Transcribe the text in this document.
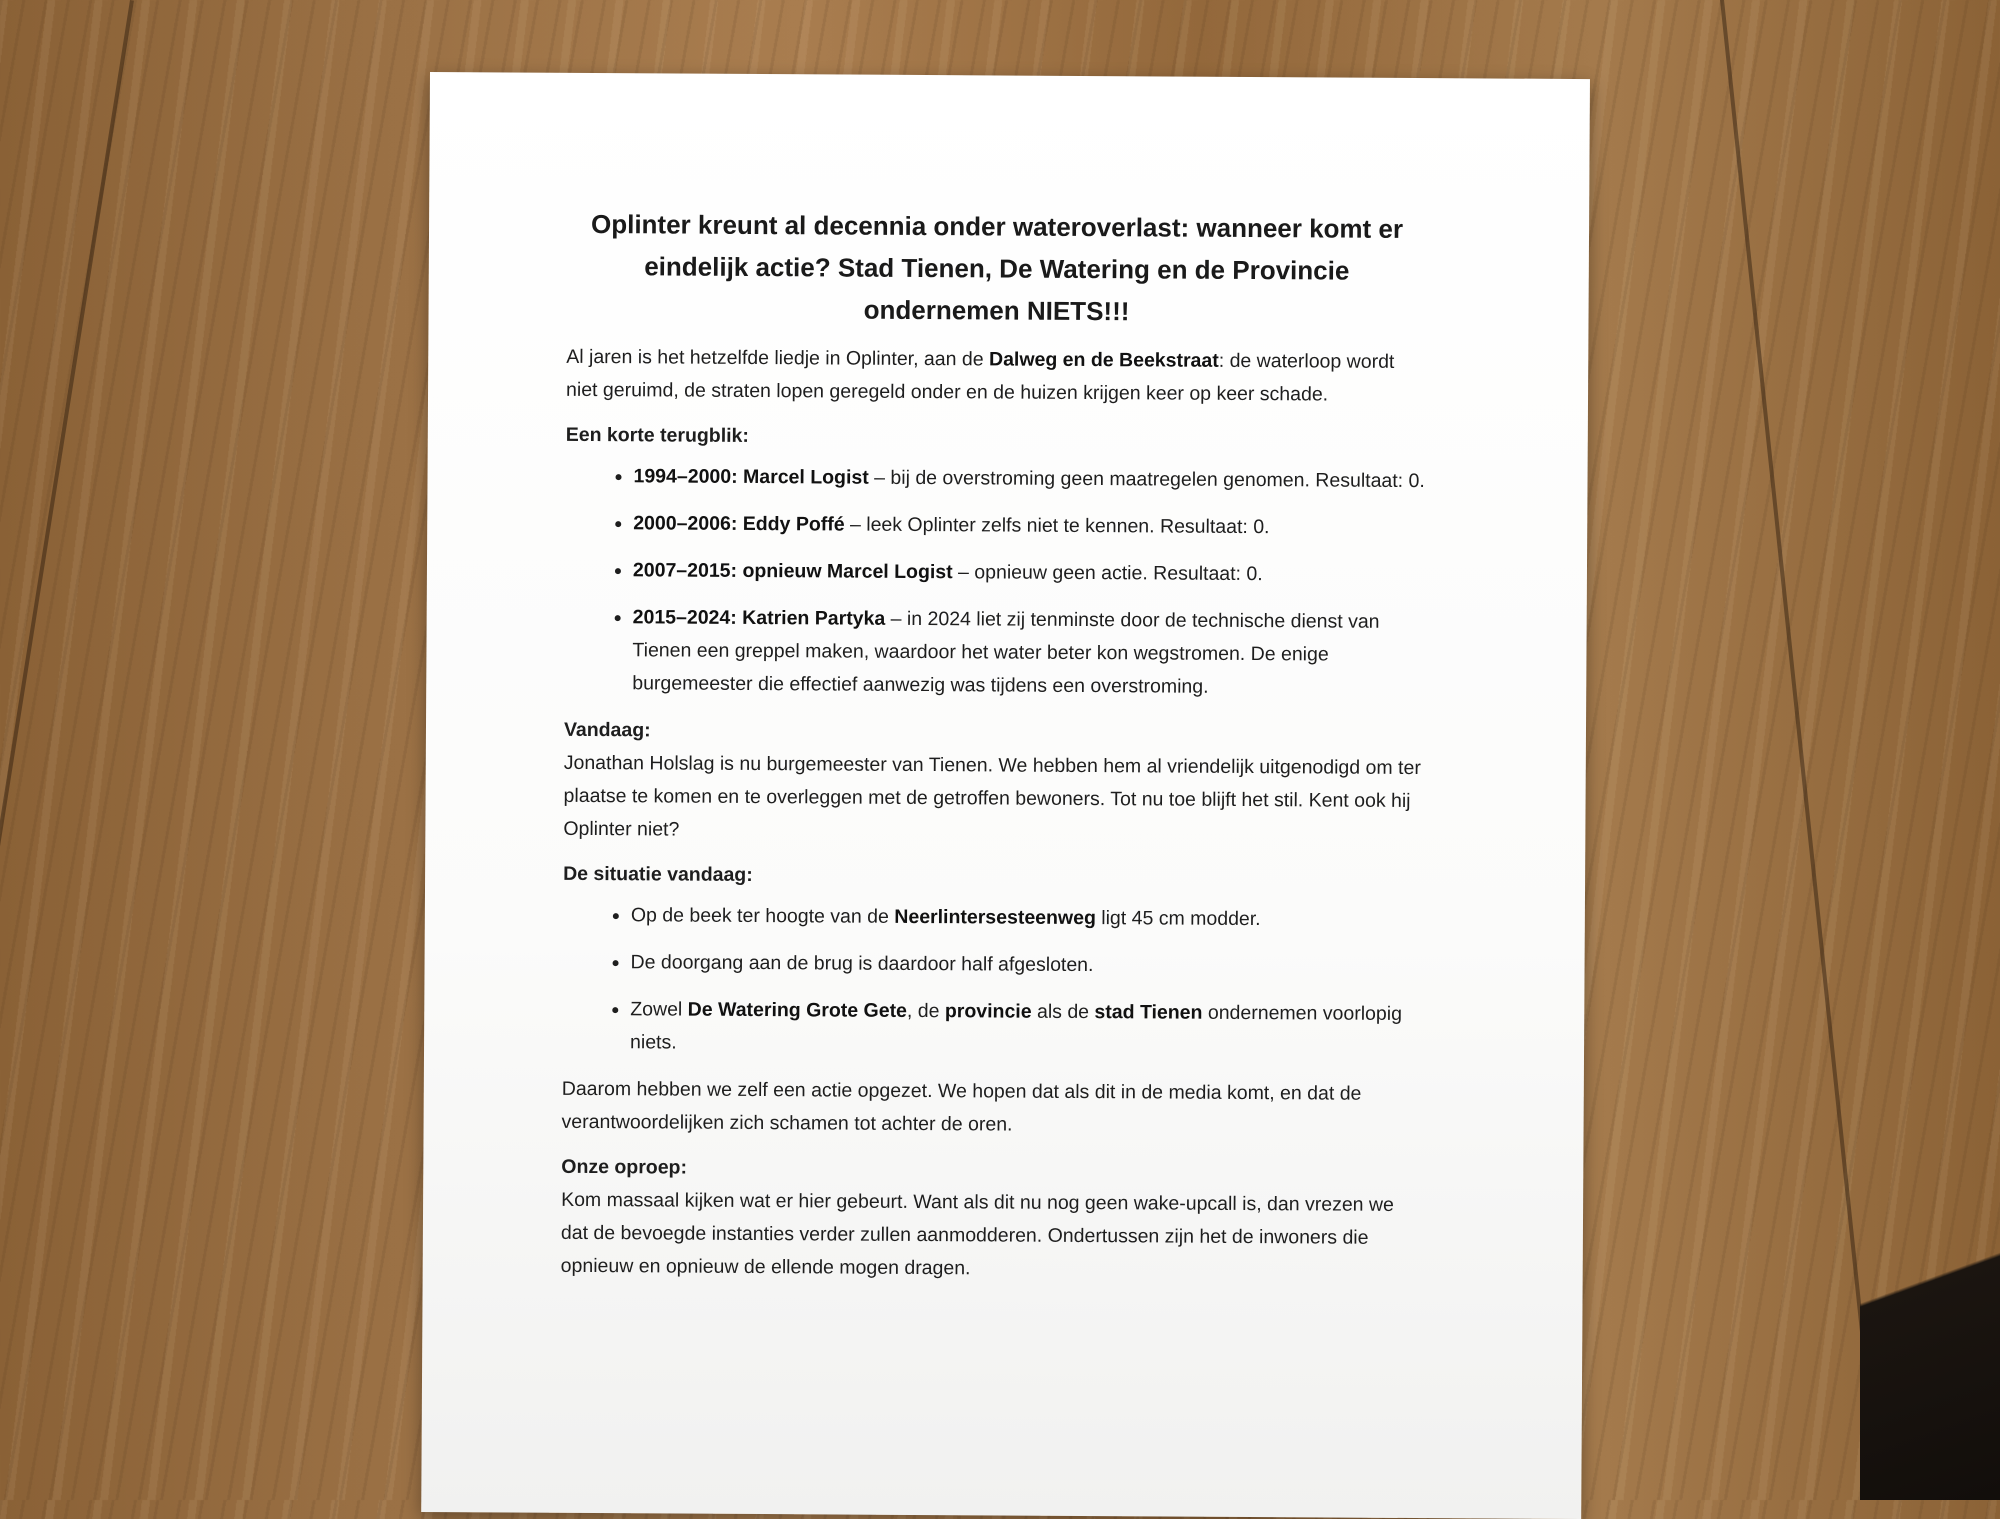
Oplinter kreunt al decennia onder wateroverlast: wanneer komt er eindelijk actie? Stad Tienen, De Watering en de Provincie ondernemen NIETS!!!

Al jaren is het hetzelfde liedje in Oplinter, aan de Dalweg en de Beekstraat: de waterloop wordt niet geruimd, de straten lopen geregeld onder en de huizen krijgen keer op keer schade.

Een korte terugblik:
• 1994–2000: Marcel Logist – bij de overstroming geen maatregelen genomen. Resultaat: 0.
• 2000–2006: Eddy Poffé – leek Oplinter zelfs niet te kennen. Resultaat: 0.
• 2007–2015: opnieuw Marcel Logist – opnieuw geen actie. Resultaat: 0.
• 2015–2024: Katrien Partyka – in 2024 liet zij tenminste door de technische dienst van Tienen een greppel maken, waardoor het water beter kon wegstromen. De enige burgemeester die effectief aanwezig was tijdens een overstroming.
Vandaag:

Jonathan Holslag is nu burgemeester van Tienen. We hebben hem al vriendelijk uitgenodigd om ter plaatse te komen en te overleggen met de getroffen bewoners. Tot nu toe blijft het stil. Kent ook hij Oplinter niet?

De situatie vandaag:
• Op de beek ter hoogte van de Neerlintersesteenweg ligt 45 cm modder.
• De doorgang aan de brug is daardoor half afgesloten.
• Zowel De Watering Grote Gete, de provincie als de stad Tienen ondernemen voorlopig niets.

Daarom hebben we zelf een actie opgezet. We hopen dat als dit in de media komt, en dat de verantwoordelijken zich schamen tot achter de oren.

Onze oproep:

Kom massaal kijken wat er hier gebeurt. Want als dit nu nog geen wake-upcall is, dan vrezen we dat de bevoegde instanties verder zullen aanmodderen. Ondertussen zijn het de inwoners die opnieuw en opnieuw de ellende mogen dragen.
